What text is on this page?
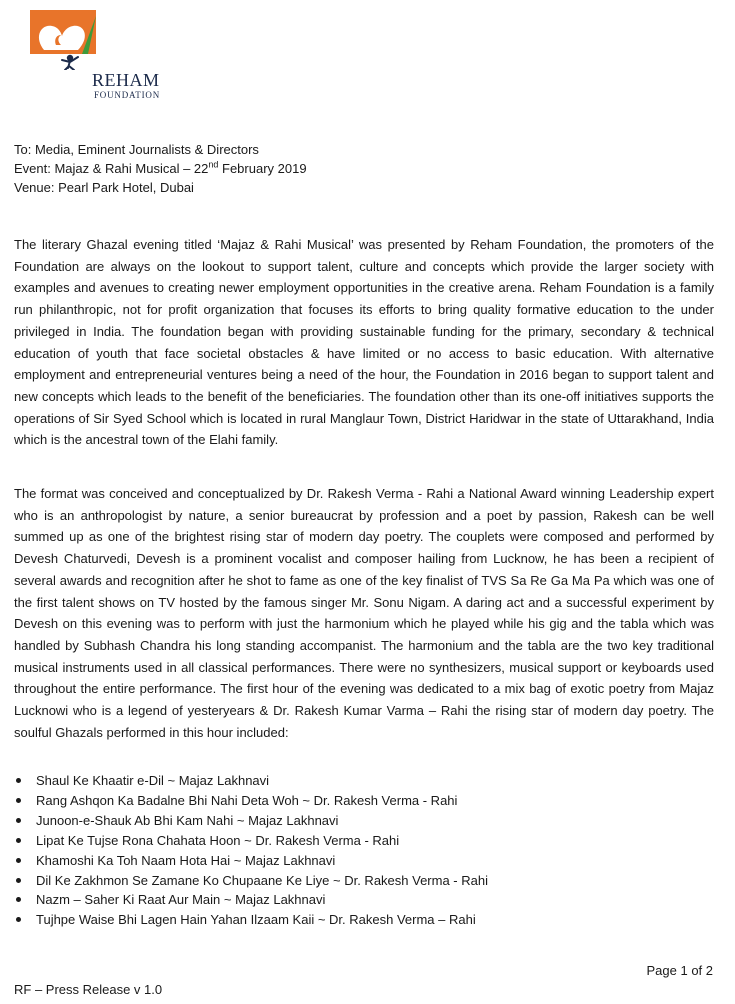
REHAM
FOUNDATION
To: Media, Eminent Journalists & Directors
Event: Majaz & Rahi Musical – 22nd February 2019
Venue: Pearl Park Hotel, Dubai

The literary Ghazal evening titled ‘Majaz & Rahi Musical’ was presented by Reham Foundation, the promoters of the Foundation are always on the lookout to support talent, culture and concepts which provide the larger society with examples and avenues to creating newer employment opportunities in the creative arena. Reham Foundation is a family run philanthropic, not for profit organization that focuses its efforts to bring quality formative education to the under privileged in India. The foundation began with providing sustainable funding for the primary, secondary & technical education of youth that face societal obstacles & have limited or no access to basic education. With alternative employment and entrepreneurial ventures being a need of the hour, the Foundation in 2016 began to support talent and new concepts which leads to the benefit of the beneficiaries. The foundation other than its one-off initiatives supports the operations of Sir Syed School which is located in rural Manglaur Town, District Haridwar in the state of Uttarakhand, India which is the ancestral town of the Elahi family.

The format was conceived and conceptualized by Dr. Rakesh Verma - Rahi a National Award winning Leadership expert who is an anthropologist by nature, a senior bureaucrat by profession and a poet by passion, Rakesh can be well summed up as one of the brightest rising star of modern day poetry. The couplets were composed and performed by Devesh Chaturvedi, Devesh is a prominent vocalist and composer hailing from Lucknow, he has been a recipient of several awards and recognition after he shot to fame as one of the key finalist of TVS Sa Re Ga Ma Pa which was one of the first talent shows on TV hosted by the famous singer Mr. Sonu Nigam. A daring act and a successful experiment by Devesh on this evening was to perform with just the harmonium which he played while his gig and the tabla which was handled by Subhash Chandra his long standing accompanist. The harmonium and the tabla are the two key traditional musical instruments used in all classical performances. There were no synthesizers, musical support or keyboards used throughout the entire performance. The first hour of the evening was dedicated to a mix bag of exotic poetry from Majaz Lucknowi who is a legend of yesteryears & Dr. Rakesh Kumar Varma – Rahi the rising star of modern day poetry. The soulful Ghazals performed in this hour included:

Shaul Ke Khaatir e-Dil ~ Majaz Lakhnavi
Rang Ashqon Ka Badalne Bhi Nahi Deta Woh ~ Dr. Rakesh Verma - Rahi
Junoon-e-Shauk Ab Bhi Kam Nahi ~ Majaz Lakhnavi
Lipat Ke Tujse Rona Chahata Hoon ~ Dr. Rakesh Verma - Rahi
Khamoshi Ka Toh Naam Hota Hai ~ Majaz Lakhnavi
Dil Ke Zakhmon Se Zamane Ko Chupaane Ke Liye ~ Dr. Rakesh Verma - Rahi
Nazm – Saher Ki Raat Aur Main ~ Majaz Lakhnavi
Tujhpe Waise Bhi Lagen Hain Yahan Ilzaam Kaii ~ Dr. Rakesh Verma – Rahi
Page 1 of 2
RF – Press Release v 1.0
